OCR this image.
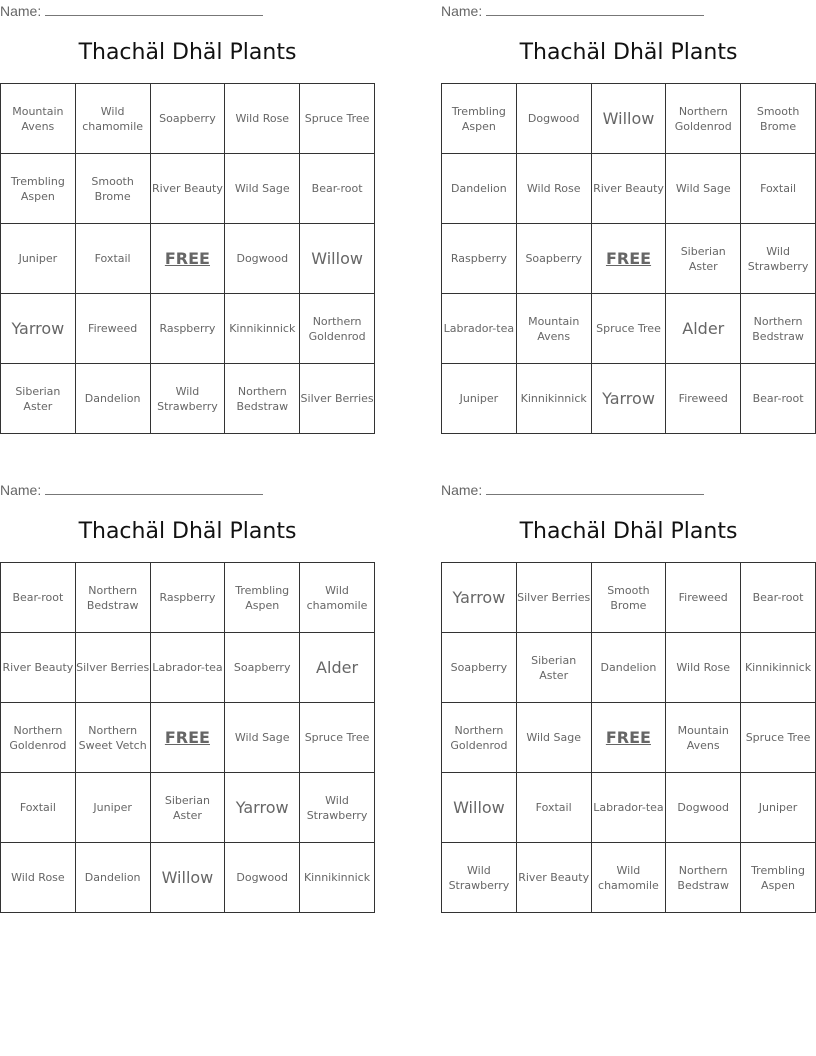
Name:
Thachäl Dhäl Plants
Mountain Avens	Wild chamomile	Soapberry	Wild Rose	Spruce Tree
Trembling Aspen	Smooth Brome	River Beauty	Wild Sage	Bear-root
Juniper	Foxtail	FREE	Dogwood	Willow
Yarrow	Fireweed	Raspberry	Kinnikinnick	Northern Goldenrod
Siberian Aster	Dandelion	Wild Strawberry	Northern Bedstraw	Silver Berries
Name:
Thachäl Dhäl Plants
Trembling Aspen	Dogwood	Willow	Northern Goldenrod	Smooth Brome
Dandelion	Wild Rose	River Beauty	Wild Sage	Foxtail
Raspberry	Soapberry	FREE	Siberian Aster	Wild Strawberry
Labrador-tea	Mountain Avens	Spruce Tree	Alder	Northern Bedstraw
Juniper	Kinnikinnick	Yarrow	Fireweed	Bear-root
Name:
Thachäl Dhäl Plants
Bear-root	Northern Bedstraw	Raspberry	Trembling Aspen	Wild chamomile
River Beauty	Silver Berries	Labrador-tea	Soapberry	Alder
Northern Goldenrod	Northern Sweet Vetch	FREE	Wild Sage	Spruce Tree
Foxtail	Juniper	Siberian Aster	Yarrow	Wild Strawberry
Wild Rose	Dandelion	Willow	Dogwood	Kinnikinnick
Name:
Thachäl Dhäl Plants
Yarrow	Silver Berries	Smooth Brome	Fireweed	Bear-root
Soapberry	Siberian Aster	Dandelion	Wild Rose	Kinnikinnick
Northern Goldenrod	Wild Sage	FREE	Mountain Avens	Spruce Tree
Willow	Foxtail	Labrador-tea	Dogwood	Juniper
Wild Strawberry	River Beauty	Wild chamomile	Northern Bedstraw	Trembling Aspen
